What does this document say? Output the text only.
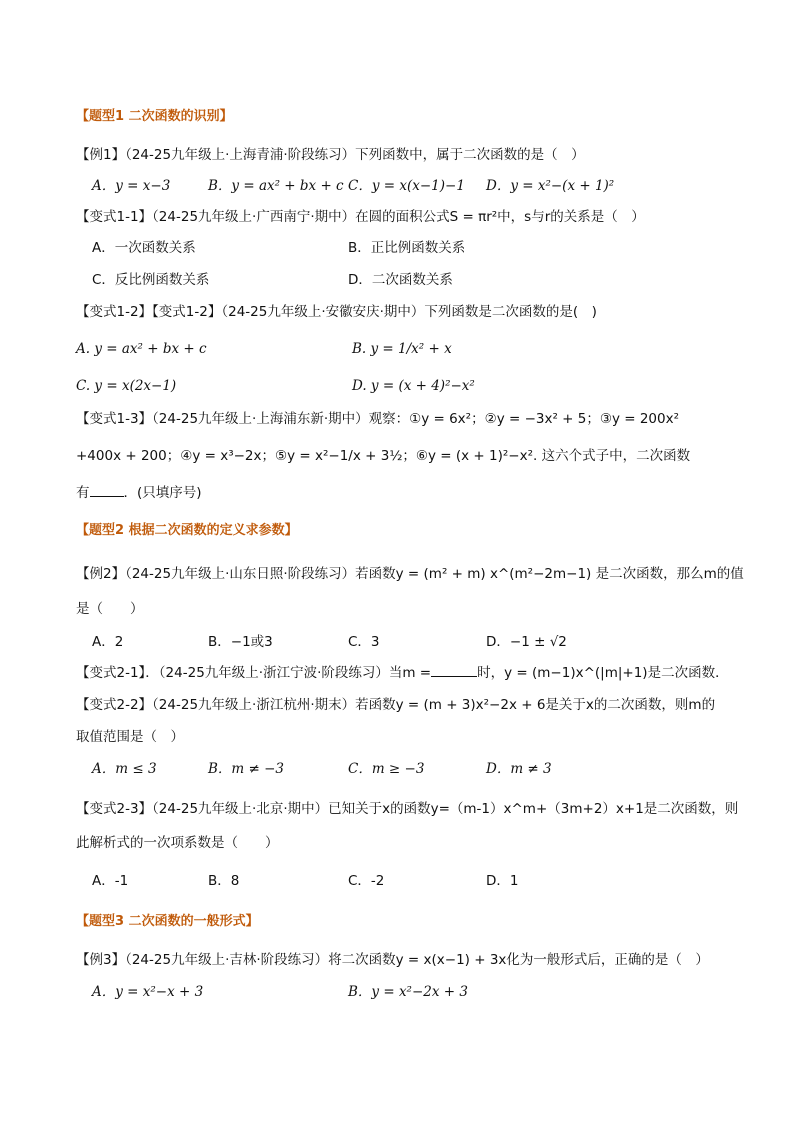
【题型1 二次函数的识别】
【例1】（24-25九年级上·上海青浦·阶段练习）下列函数中，属于二次函数的是（　）
A．y = x−3	B．y = ax² + bx + c C．y = x(x−1)−1 D．y = x²−(x + 1)²
【变式1-1】（24-25九年级上·广西南宁·期中）在圆的面积公式S = πr²中，s与r的关系是（　）
A．一次函数关系	B．正比例函数关系
C．反比例函数关系	D．二次函数关系
【变式1-2】【变式1-2】（24-25九年级上·安徽安庆·期中）下列函数是二次函数的是(　)
A. y = ax² + bx + c	B. y = 1/x² + x
C. y = x(2x−1)	D. y = (x + 4)²−x²
【变式1-3】（24-25九年级上·上海浦东新·期中）观察：①y = 6x²；②y = −3x² + 5；③y = 200x²
+400x + 200；④y = x³−2x；⑤y = x²−1/x + 3½；⑥y = (x + 1)²−x². 这六个式子中，二次函数
有	．(只填序号)
【题型2 根据二次函数的定义求参数】
【例2】（24-25九年级上·山东日照·阶段练习）若函数y = (m² + m) x^(m²−2m−1) 是二次函数，那么m的值
是（　　）
A．2	B．−1或3	C．3	D．−1 ± √2
【变式2-1】．（24-25九年级上·浙江宁波·阶段练习）当m =	时，y = (m−1)x^(|m|+1)是二次函数．
【变式2-2】（24-25九年级上·浙江杭州·期末）若函数y = (m + 3)x²−2x + 6是关于x的二次函数，则m的
取值范围是（　）
A．m ≤ 3	B．m ≠ −3	C．m ≥ −3	D．m ≠ 3
【变式2-3】（24-25九年级上·北京·期中）已知关于x的函数y=（m-1）x^m+（3m+2）x+1是二次函数，则
此解析式的一次项系数是（　　）
A．-1	B．8	C．-2	D．1
【题型3 二次函数的一般形式】
【例3】（24-25九年级上·吉林·阶段练习）将二次函数y = x(x−1) + 3x化为一般形式后，正确的是（　）
A．y = x²−x + 3	B．y = x²−2x + 3
